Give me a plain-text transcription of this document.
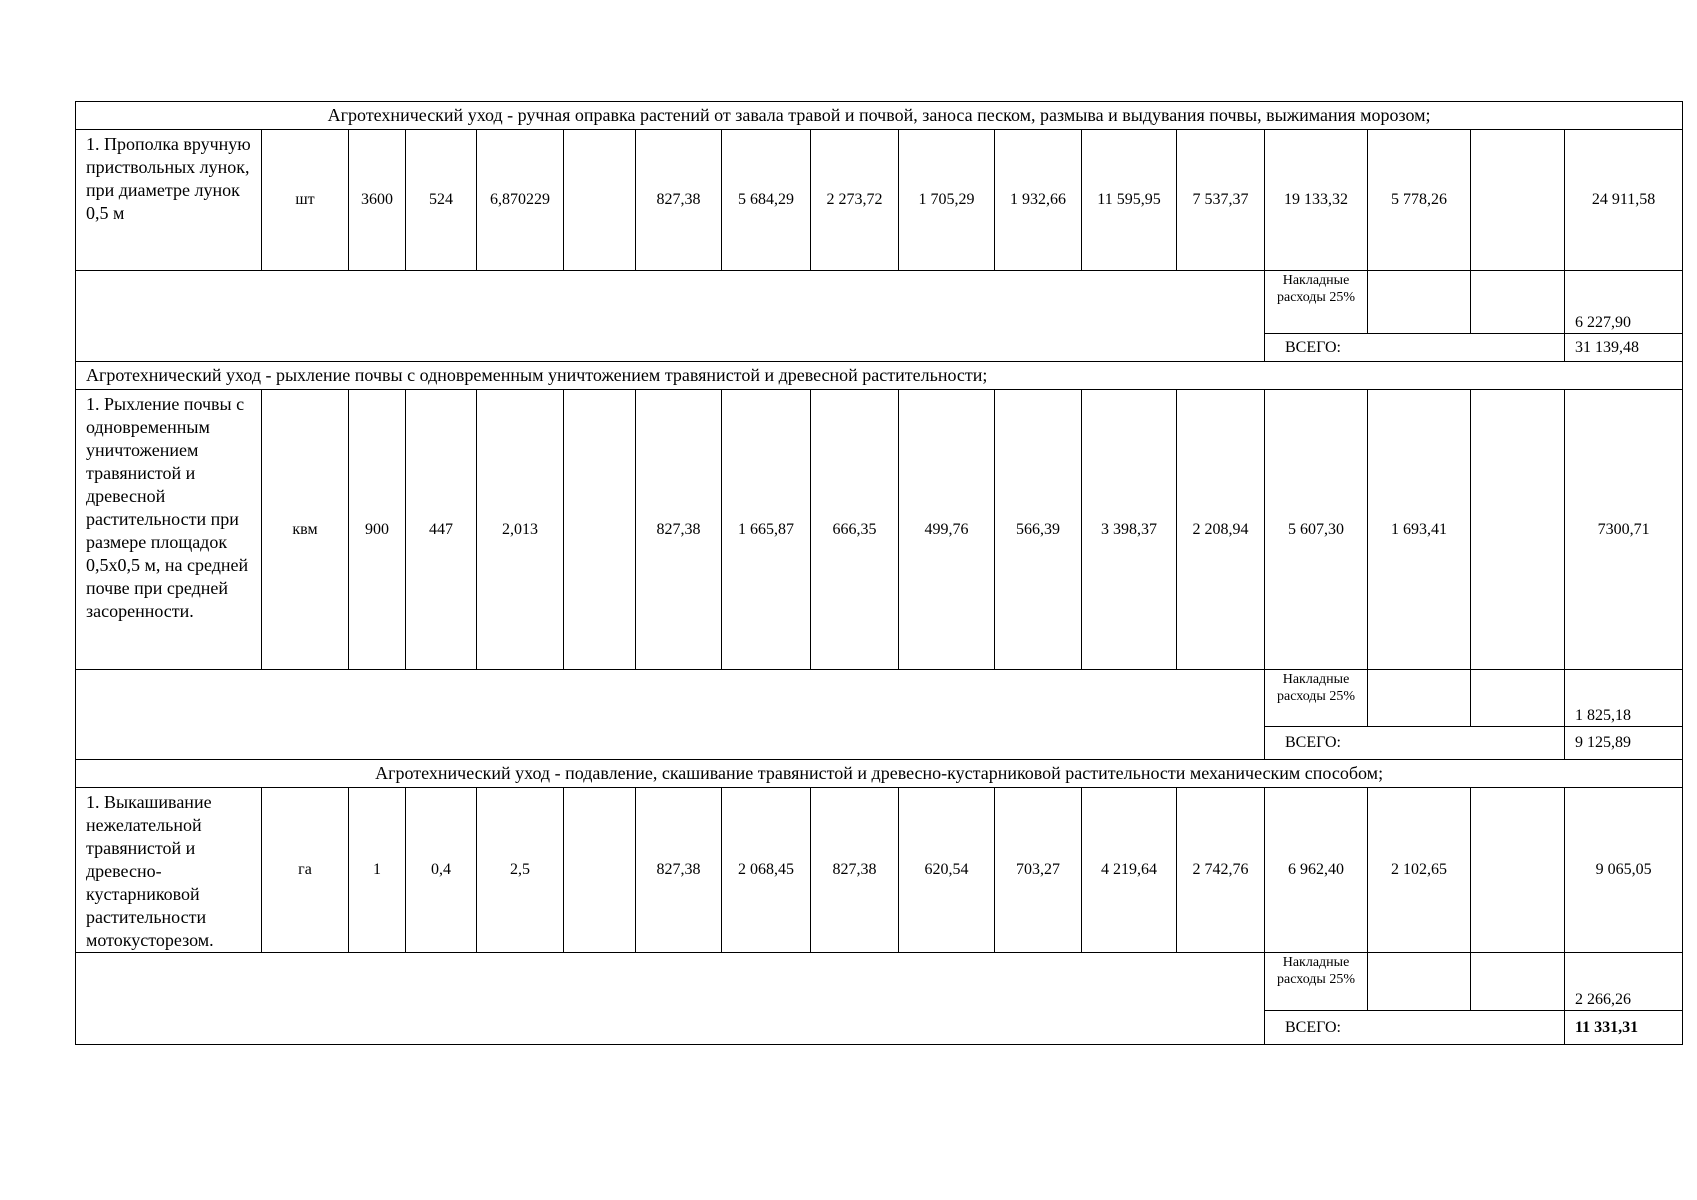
Агротехнический уход - ручная оправка растений от завала травой и почвой, заноса песком, размыва и выдувания почвы, выжимания морозом;																
1. Прополка вручную приствольных лунок, при диаметре лунок 0,5 м	шт	3600	524	6,870229		827,38	5 684,29	2 273,72	1 705,29	1 932,66	11 595,95	7 537,37	19 133,32	5 778,26		24 911,58
													Накладные расходы 25%			6 227,90
													ВСЕГО:			31 139,48
Агротехнический уход - рыхление почвы с одновременным уничтожением травянистой и древесной растительности;																
1. Рыхление почвы с одновременным уничтожением травянистой и древесной растительности при размере площадок 0,5х0,5 м, на средней почве при средней засоренности.	квм	900	447	2,013		827,38	1 665,87	666,35	499,76	566,39	3 398,37	2 208,94	5 607,30	1 693,41		7300,71
													Накладные расходы 25%			1 825,18
													ВСЕГО:			9 125,89
Агротехнический уход - подавление, скашивание травянистой и древесно-кустарниковой растительности механическим способом;																
1. Выкашивание нежелательной травянистой и древесно-кустарниковой растительности мотокусторезом.	га	1	0,4	2,5		827,38	2 068,45	827,38	620,54	703,27	4 219,64	2 742,76	6 962,40	2 102,65		9 065,05
													Накладные расходы 25%			2 266,26
													ВСЕГО:			11 331,31
